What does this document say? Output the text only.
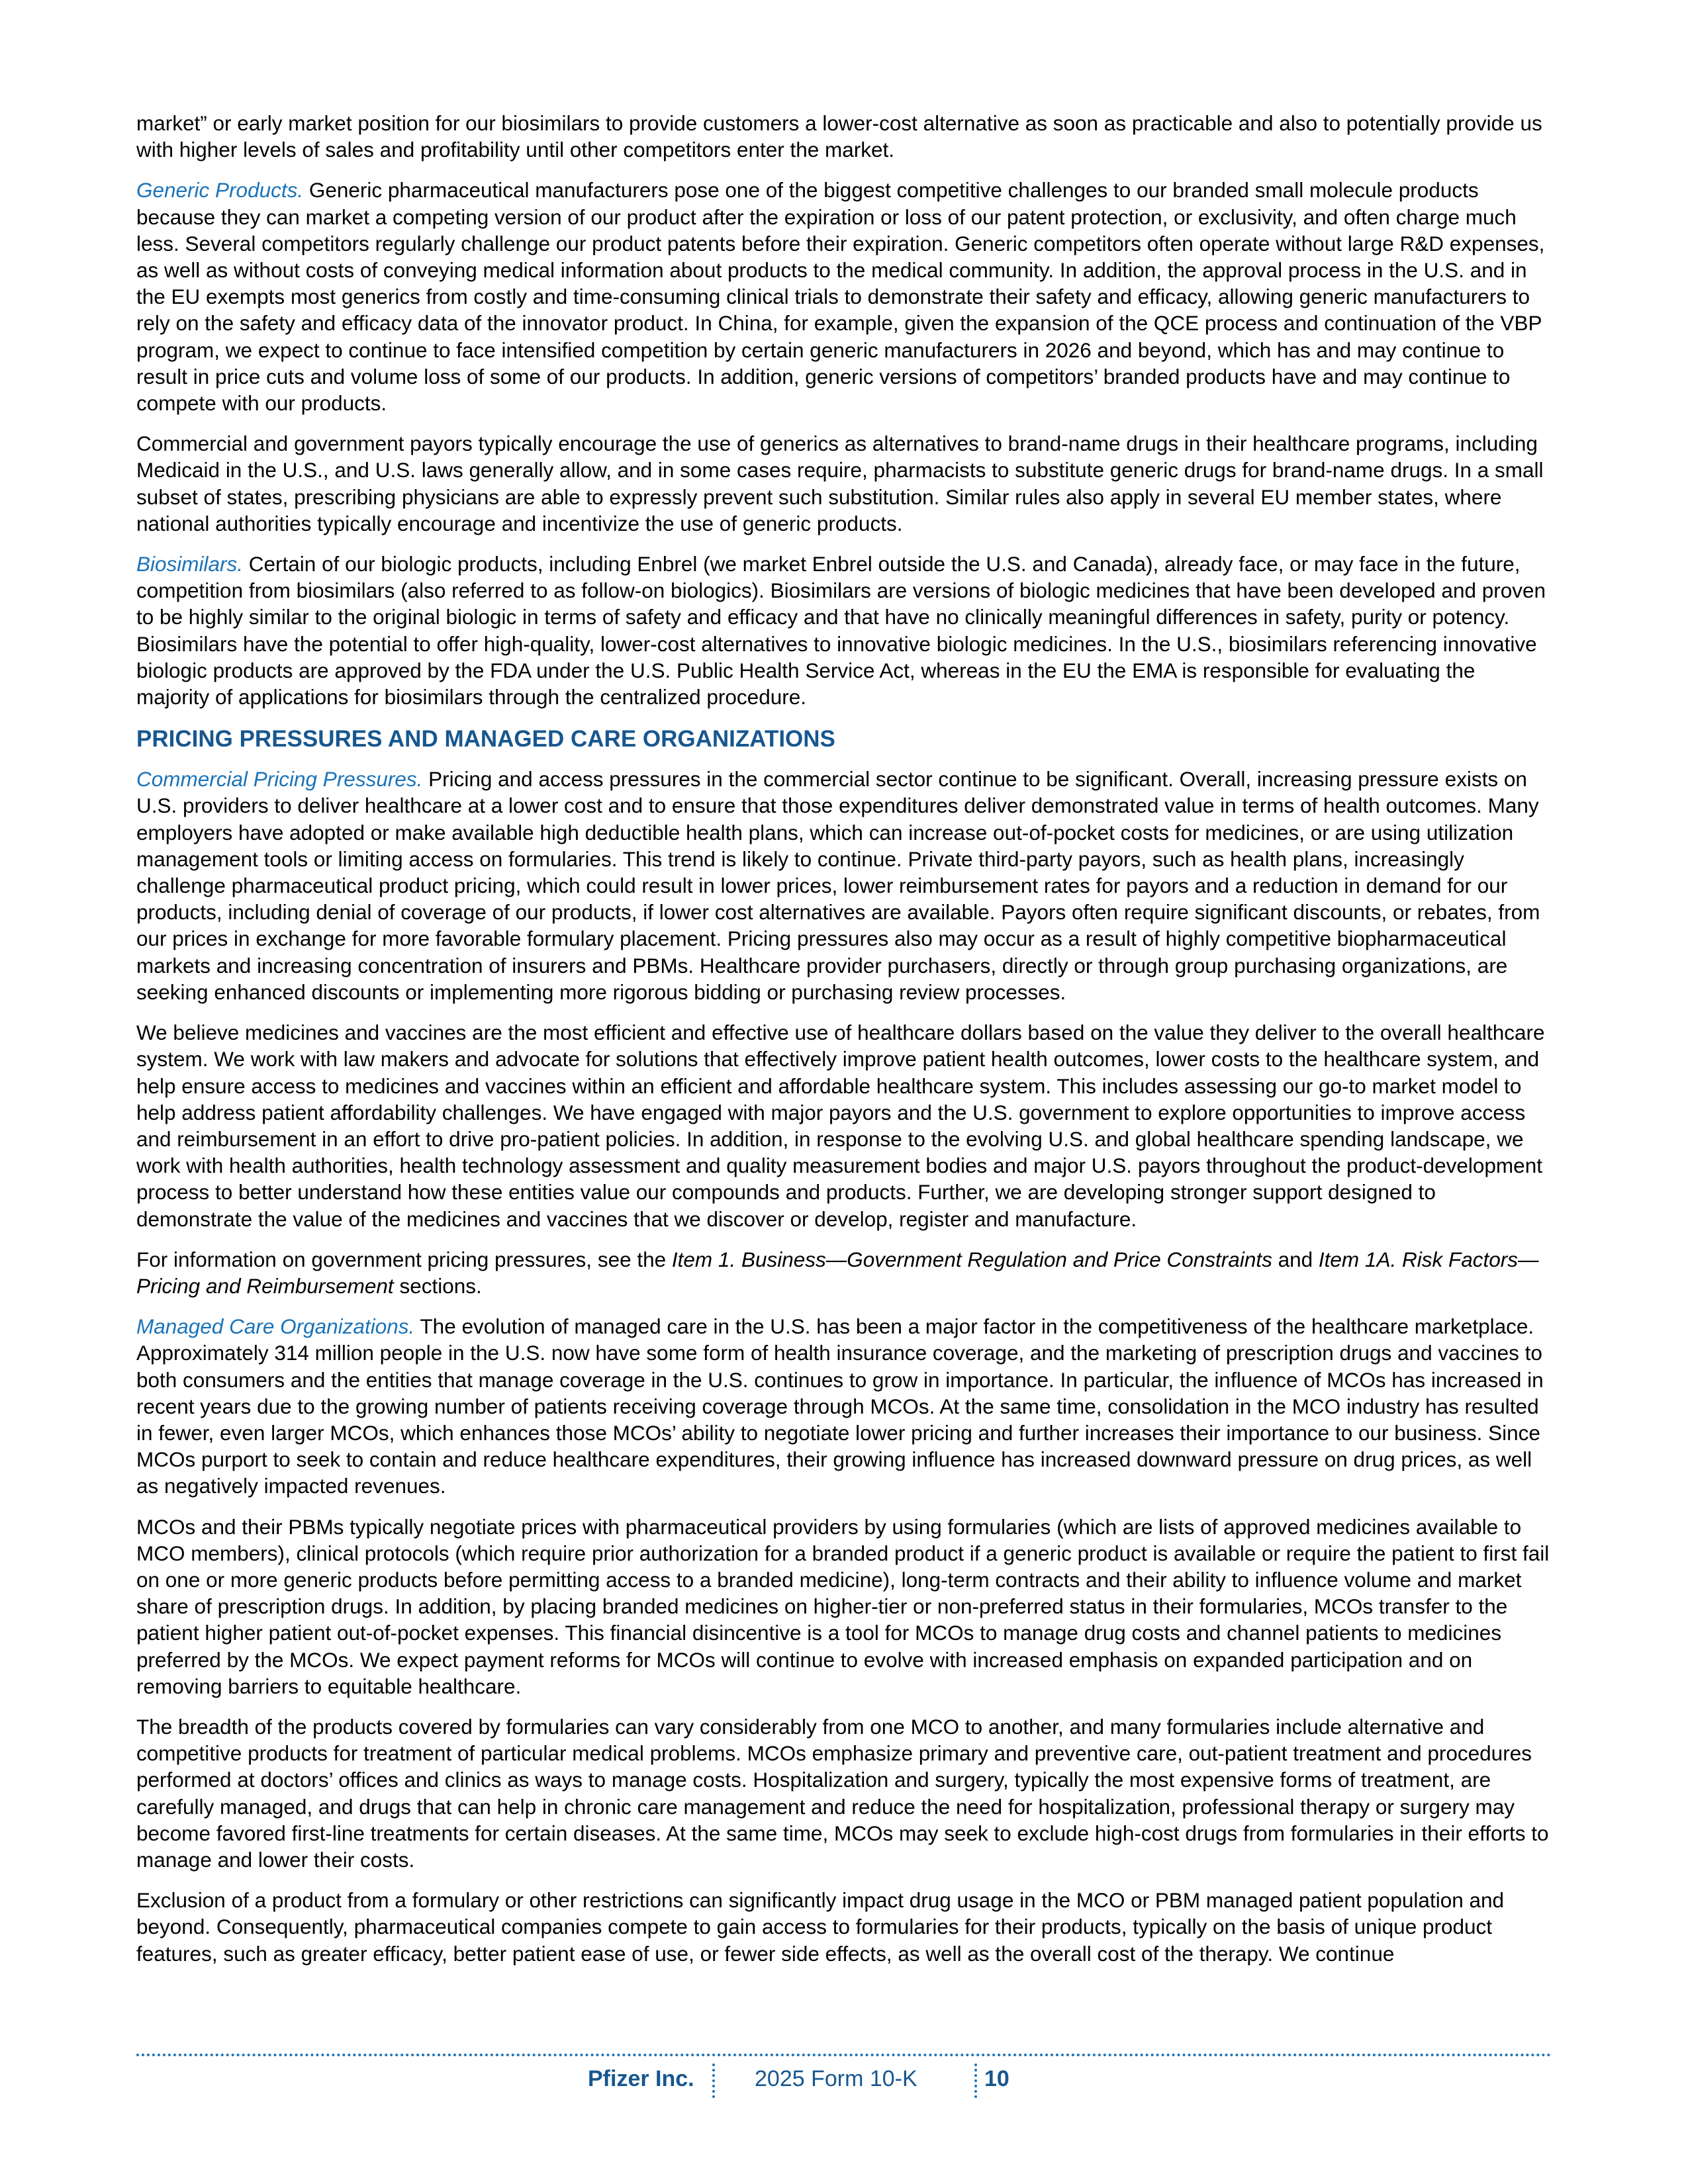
market” or early market position for our biosimilars to provide customers a lower-cost alternative as soon as practicable and also to potentially provide us with higher levels of sales and profitability until other competitors enter the market.

Generic Products. Generic pharmaceutical manufacturers pose one of the biggest competitive challenges to our branded small molecule products because they can market a competing version of our product after the expiration or loss of our patent protection, or exclusivity, and often charge much less. Several competitors regularly challenge our product patents before their expiration. Generic competitors often operate without large R&D expenses, as well as without costs of conveying medical information about products to the medical community. In addition, the approval process in the U.S. and in the EU exempts most generics from costly and time-consuming clinical trials to demonstrate their safety and efficacy, allowing generic manufacturers to rely on the safety and efficacy data of the innovator product. In China, for example, given the expansion of the QCE process and continuation of the VBP program, we expect to continue to face intensified competition by certain generic manufacturers in 2026 and beyond, which has and may continue to result in price cuts and volume loss of some of our products. In addition, generic versions of competitors’ branded products have and may continue to compete with our products.

Commercial and government payors typically encourage the use of generics as alternatives to brand-name drugs in their healthcare programs, including Medicaid in the U.S., and U.S. laws generally allow, and in some cases require, pharmacists to substitute generic drugs for brand-name drugs. In a small subset of states, prescribing physicians are able to expressly prevent such substitution. Similar rules also apply in several EU member states, where national authorities typically encourage and incentivize the use of generic products.

Biosimilars. Certain of our biologic products, including Enbrel (we market Enbrel outside the U.S. and Canada), already face, or may face in the future, competition from biosimilars (also referred to as follow-on biologics). Biosimilars are versions of biologic medicines that have been developed and proven to be highly similar to the original biologic in terms of safety and efficacy and that have no clinically meaningful differences in safety, purity or potency. Biosimilars have the potential to offer high-quality, lower-cost alternatives to innovative biologic medicines. In the U.S., biosimilars referencing innovative biologic products are approved by the FDA under the U.S. Public Health Service Act, whereas in the EU the EMA is responsible for evaluating the majority of applications for biosimilars through the centralized procedure.

PRICING PRESSURES AND MANAGED CARE ORGANIZATIONS

Commercial Pricing Pressures. Pricing and access pressures in the commercial sector continue to be significant. Overall, increasing pressure exists on U.S. providers to deliver healthcare at a lower cost and to ensure that those expenditures deliver demonstrated value in terms of health outcomes. Many employers have adopted or make available high deductible health plans, which can increase out-of-pocket costs for medicines, or are using utilization management tools or limiting access on formularies. This trend is likely to continue. Private third-party payors, such as health plans, increasingly challenge pharmaceutical product pricing, which could result in lower prices, lower reimbursement rates for payors and a reduction in demand for our products, including denial of coverage of our products, if lower cost alternatives are available. Payors often require significant discounts, or rebates, from our prices in exchange for more favorable formulary placement. Pricing pressures also may occur as a result of highly competitive biopharmaceutical markets and increasing concentration of insurers and PBMs. Healthcare provider purchasers, directly or through group purchasing organizations, are seeking enhanced discounts or implementing more rigorous bidding or purchasing review processes.

We believe medicines and vaccines are the most efficient and effective use of healthcare dollars based on the value they deliver to the overall healthcare system. We work with law makers and advocate for solutions that effectively improve patient health outcomes, lower costs to the healthcare system, and help ensure access to medicines and vaccines within an efficient and affordable healthcare system. This includes assessing our go-to market model to help address patient affordability challenges. We have engaged with major payors and the U.S. government to explore opportunities to improve access and reimbursement in an effort to drive pro-patient policies. In addition, in response to the evolving U.S. and global healthcare spending landscape, we work with health authorities, health technology assessment and quality measurement bodies and major U.S. payors throughout the product-development process to better understand how these entities value our compounds and products. Further, we are developing stronger support designed to demonstrate the value of the medicines and vaccines that we discover or develop, register and manufacture.

For information on government pricing pressures, see the Item 1. Business—Government Regulation and Price Constraints and Item 1A. Risk Factors—Pricing and Reimbursement sections.

Managed Care Organizations. The evolution of managed care in the U.S. has been a major factor in the competitiveness of the healthcare marketplace. Approximately 314 million people in the U.S. now have some form of health insurance coverage, and the marketing of prescription drugs and vaccines to both consumers and the entities that manage coverage in the U.S. continues to grow in importance. In particular, the influence of MCOs has increased in recent years due to the growing number of patients receiving coverage through MCOs. At the same time, consolidation in the MCO industry has resulted in fewer, even larger MCOs, which enhances those MCOs’ ability to negotiate lower pricing and further increases their importance to our business. Since MCOs purport to seek to contain and reduce healthcare expenditures, their growing influence has increased downward pressure on drug prices, as well as negatively impacted revenues.

MCOs and their PBMs typically negotiate prices with pharmaceutical providers by using formularies (which are lists of approved medicines available to MCO members), clinical protocols (which require prior authorization for a branded product if a generic product is available or require the patient to first fail on one or more generic products before permitting access to a branded medicine), long-term contracts and their ability to influence volume and market share of prescription drugs. In addition, by placing branded medicines on higher-tier or non-preferred status in their formularies, MCOs transfer to the patient higher patient out-of-pocket expenses. This financial disincentive is a tool for MCOs to manage drug costs and channel patients to medicines preferred by the MCOs. We expect payment reforms for MCOs will continue to evolve with increased emphasis on expanded participation and on removing barriers to equitable healthcare.

The breadth of the products covered by formularies can vary considerably from one MCO to another, and many formularies include alternative and competitive products for treatment of particular medical problems. MCOs emphasize primary and preventive care, out-patient treatment and procedures performed at doctors’ offices and clinics as ways to manage costs. Hospitalization and surgery, typically the most expensive forms of treatment, are carefully managed, and drugs that can help in chronic care management and reduce the need for hospitalization, professional therapy or surgery may become favored first-line treatments for certain diseases. At the same time, MCOs may seek to exclude high-cost drugs from formularies in their efforts to manage and lower their costs.

Exclusion of a product from a formulary or other restrictions can significantly impact drug usage in the MCO or PBM managed patient population and beyond. Consequently, pharmaceutical companies compete to gain access to formularies for their products, typically on the basis of unique product features, such as greater efficacy, better patient ease of use, or fewer side effects, as well as the overall cost of the therapy. We continue

Pfizer Inc.	2025 Form 10-K	10
